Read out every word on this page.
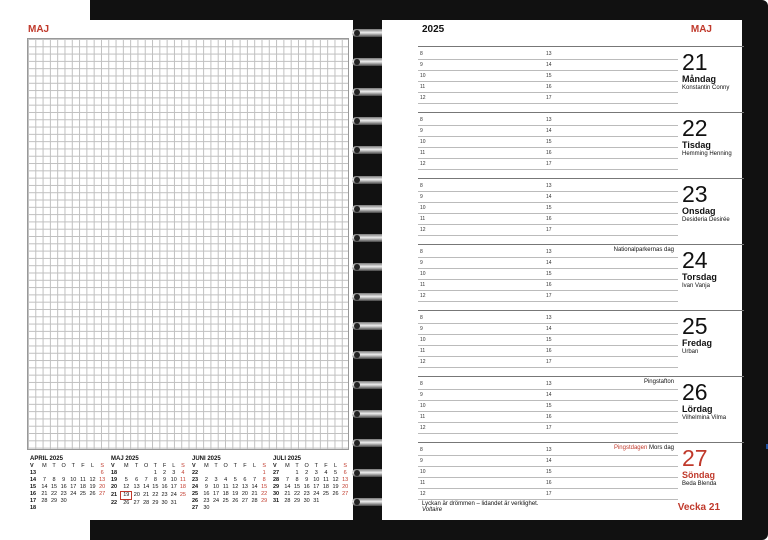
MAJ
APRIL 2025
V	M	T	O	T	F	L	S
13							6
14	7	8	9	10	11	12	13
15	14	15	16	17	18	19	20
16	21	22	23	24	25	26	27
17	28	29	30				
18							
MAJ 2025
V	M	T	O	T	F	L	S
18				1	2	3	4
19	5	6	7	8	9	10	11
20	12	13	14	15	16	17	18
21	19	20	21	22	23	24	25
22	26	27	28	29	30	31	
JUNI 2025
V	M	T	O	T	F	L	S
22							1
23	2	3	4	5	6	7	8
24	9	10	11	12	13	14	15
25	16	17	18	19	20	21	22
26	23	24	25	26	27	28	29
27	30						
JULI 2025
V	M	T	O	T	F	L	S
27		1	2	3	4	5	6
28	7	8	9	10	11	12	13
29	14	15	16	17	18	19	20
30	21	22	23	24	25	26	27
31	28	29	30	31			
2025	MAJ
8	13
9	14
10	15
11	16
12	17
21
Måndag
Konstantin Conny
8	13
9	14
10	15
11	16
12	17
22
Tisdag
Hemming Henning
8	13
9	14
10	15
11	16
12	17
23
Onsdag
Desideria Desirée
8	13
9	14
10	15
11	16
12	17
24
Torsdag
Ivan Vanja
Nationalparkernas dag
8	13
9	14
10	15
11	16
12	17
25
Fredag
Urban
8	13
9	14
10	15
11	16
12	17
26
Lördag
Vilhelmina Vilma
Pingstafton
8	13
9	14
10	15
11	16
12	17
27
Söndag
Beda Blenda
Pingstdagen Mors dag
Lyckan är drömmen – lidandet är verklighet.
Voltaire	Vecka 21
